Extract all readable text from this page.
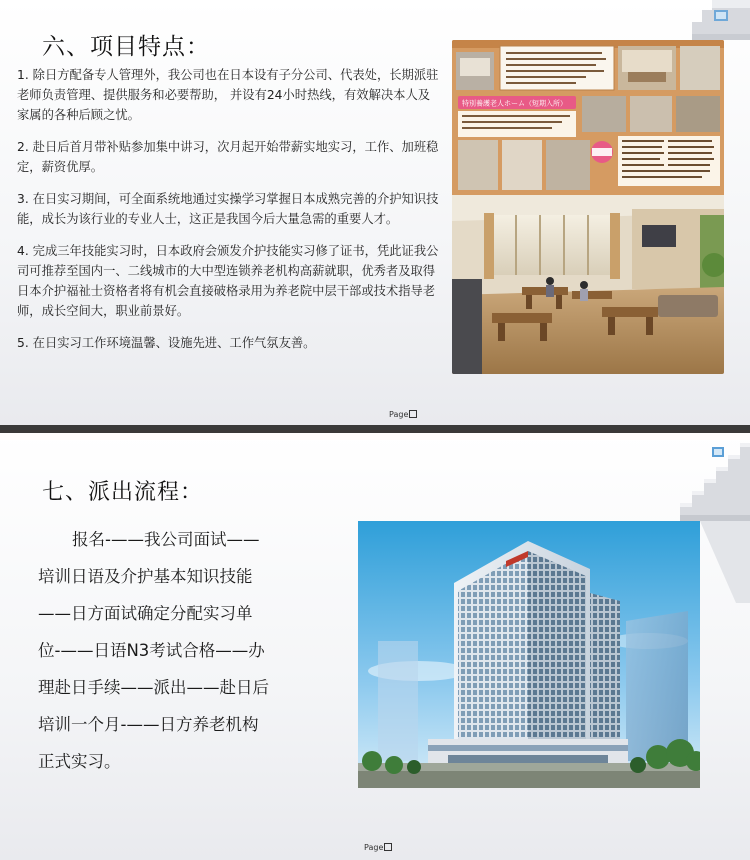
六、项目特点：

1. 除日方配备专人管理外，我公司也在日本设有子分公司、代表处，长期派驻老师负责管理、提供服务和必要帮助， 并设有24小时热线，有效解决本人及家属的各种后顾之忧。

2. 赴日后首月带补贴参加集中讲习，次月起开始带薪实地实习，工作、加班稳定，薪资优厚。

3. 在日实习期间，可全面系统地通过实操学习掌握日本成熟完善的介护知识技能，成长为该行业的专业人士，这正是我国今后大量急需的重要人才。

4. 完成三年技能实习时，日本政府会颁发介护技能实习修了证书，凭此证我公司可推荐至国内一、二线城市的大中型连锁养老机构高薪就职，优秀者及取得日本介护福祉士资格者将有机会直接破格录用为养老院中层干部或技术指导老师，成长空间大，职业前景好。

5. 在日实习工作环境温馨、设施先进、工作气氛友善。

特別養護老人ホーム（短期入所）
Page
七、派出流程：
报名-——我公司面试——
培训日语及介护基本知识技能
——日方面试确定分配实习单
位-——日语N3考试合格——办
理赴日手续——派出——赴日后
培训一个月-——日方养老机构
正式实习。
Page
